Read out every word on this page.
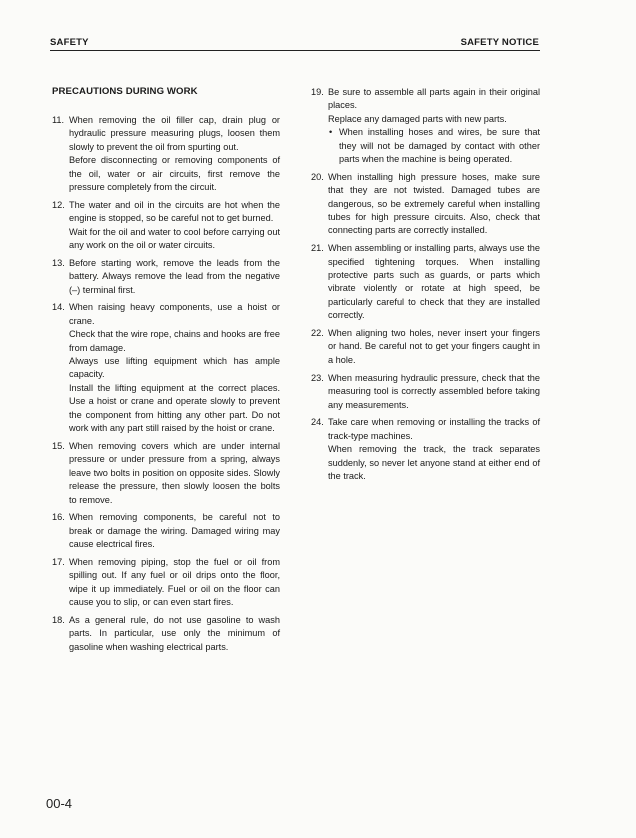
SAFETY	SAFETY NOTICE
PRECAUTIONS DURING WORK
11. When removing the oil filler cap, drain plug or hydraulic pressure measuring plugs, loosen them slowly to prevent the oil from spurting out.

Before disconnecting or removing components of the oil, water or air circuits, first remove the pressure completely from the circuit.

12. The water and oil in the circuits are hot when the engine is stopped, so be careful not to get burned.

Wait for the oil and water to cool before carrying out any work on the oil or water circuits.

13. Before starting work, remove the leads from the battery. Always remove the lead from the negative (–) terminal first.

14. When raising heavy components, use a hoist or crane.

Check that the wire rope, chains and hooks are free from damage.

Always use lifting equipment which has ample capacity.

Install the lifting equipment at the correct places. Use a hoist or crane and operate slowly to prevent the component from hitting any other part. Do not work with any part still raised by the hoist or crane.

15. When removing covers which are under internal pressure or under pressure from a spring, always leave two bolts in position on opposite sides. Slowly release the pressure, then slowly loosen the bolts to remove.

16. When removing components, be careful not to break or damage the wiring. Damaged wiring may cause electrical fires.

17. When removing piping, stop the fuel or oil from spilling out. If any fuel or oil drips onto the floor, wipe it up immediately. Fuel or oil on the floor can cause you to slip, or can even start fires.

18. As a general rule, do not use gasoline to wash parts. In particular, use only the minimum of gasoline when washing electrical parts.

19. Be sure to assemble all parts again in their original places.

Replace any damaged parts with new parts.

• When installing hoses and wires, be sure that they will not be damaged by contact with other parts when the machine is being operated.

20. When installing high pressure hoses, make sure that they are not twisted. Damaged tubes are dangerous, so be extremely careful when installing tubes for high pressure circuits. Also, check that connecting parts are correctly installed.

21. When assembling or installing parts, always use the specified tightening torques. When installing protective parts such as guards, or parts which vibrate violently or rotate at high speed, be particularly careful to check that they are installed correctly.

22. When aligning two holes, never insert your fingers or hand. Be careful not to get your fingers caught in a hole.

23. When measuring hydraulic pressure, check that the measuring tool is correctly assembled before taking any measurements.

24. Take care when removing or installing the tracks of track-type machines.

When removing the track, the track separates suddenly, so never let anyone stand at either end of the track.

00-4
